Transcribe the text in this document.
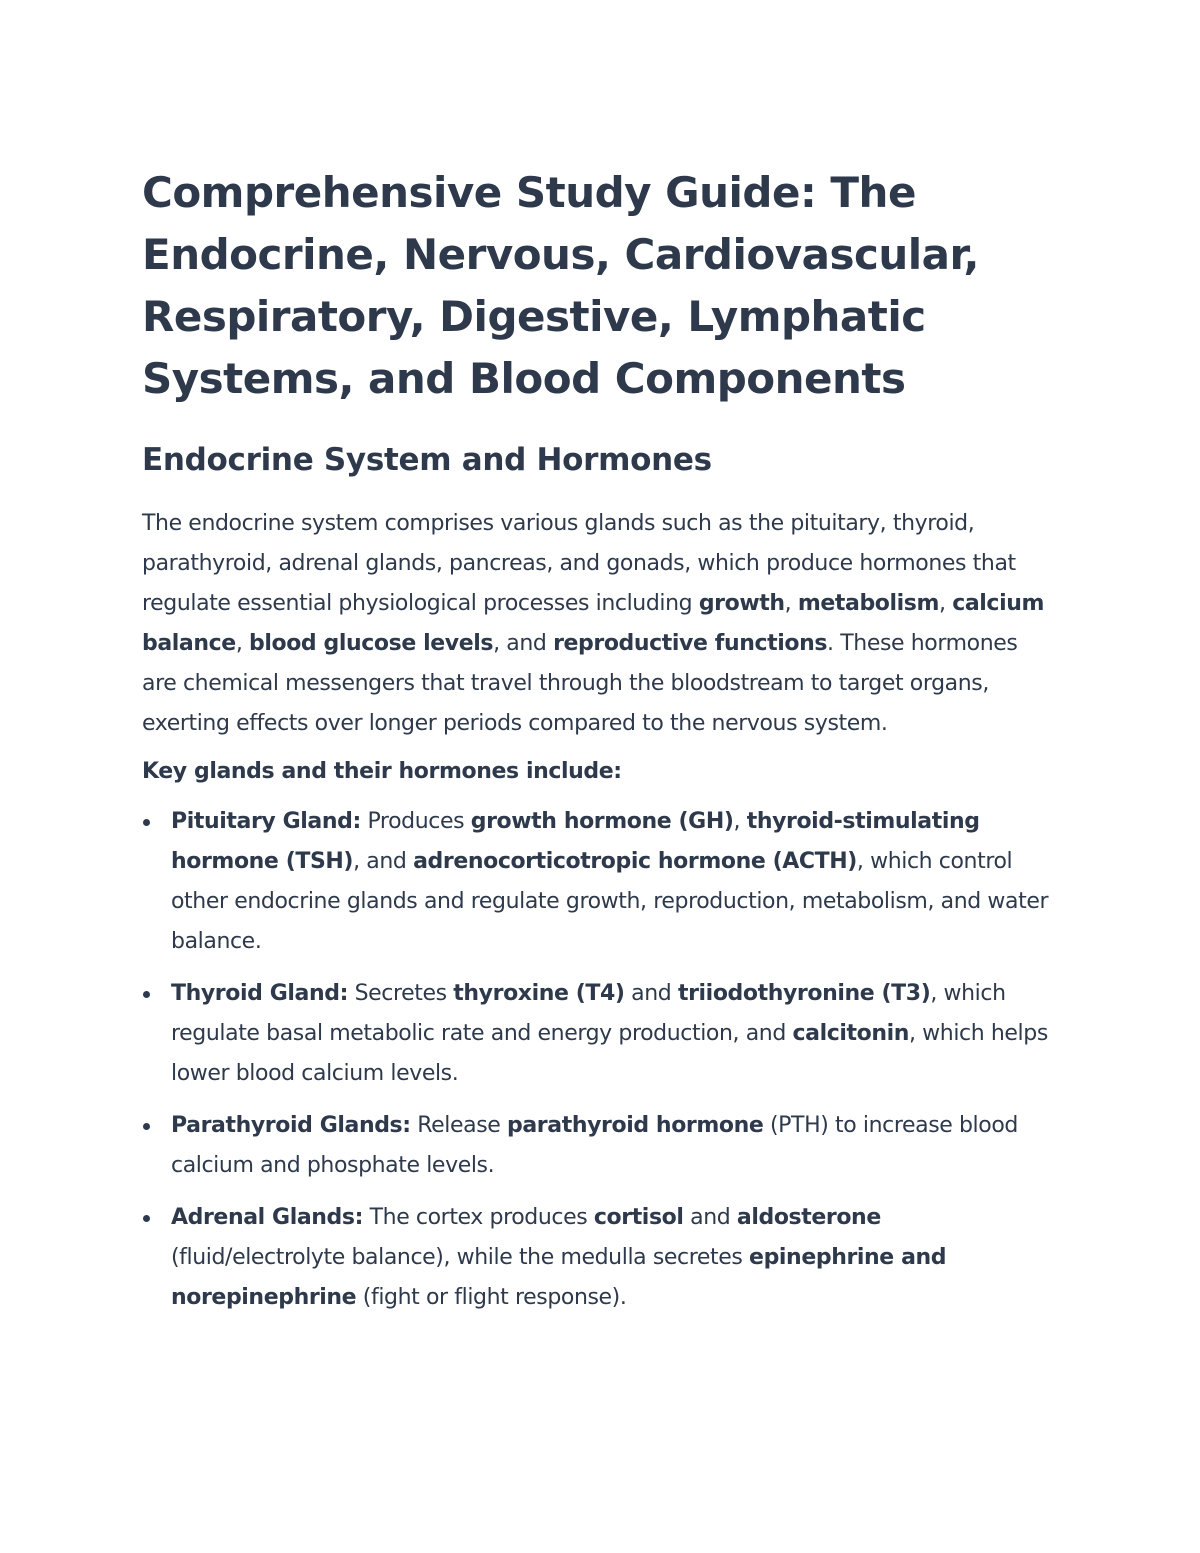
Comprehensive Study Guide: The Endocrine, Nervous, Cardiovascular, Respiratory, Digestive, Lymphatic Systems, and Blood Components
Endocrine System and Hormones

The endocrine system comprises various glands such as the pituitary, thyroid, parathyroid, adrenal glands, pancreas, and gonads, which produce hormones that regulate essential physiological processes including growth, metabolism, calcium balance, blood glucose levels, and reproductive functions. These hormones are chemical messengers that travel through the bloodstream to target organs, exerting effects over longer periods compared to the nervous system.

Key glands and their hormones include:

Pituitary Gland: Produces growth hormone (GH), thyroid-stimulating hormone (TSH), and adrenocorticotropic hormone (ACTH), which control other endocrine glands and regulate growth, reproduction, metabolism, and water balance.
Thyroid Gland: Secretes thyroxine (T4) and triiodothyronine (T3), which regulate basal metabolic rate and energy production, and calcitonin, which helps lower blood calcium levels.
Parathyroid Glands: Release parathyroid hormone (PTH) to increase blood calcium and phosphate levels.
Adrenal Glands: The cortex produces cortisol and aldosterone (fluid/electrolyte balance), while the medulla secretes epinephrine and norepinephrine (fight or flight response).
